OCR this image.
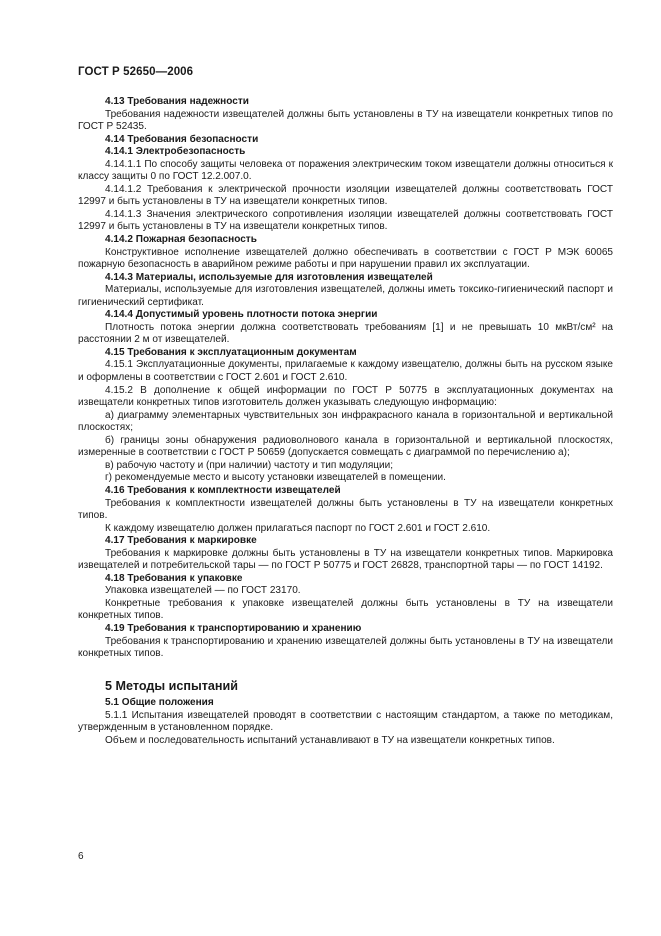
ГОСТ Р 52650—2006

4.13 Требования надежности

Требования надежности извещателей должны быть установлены в ТУ на извещатели конкретных типов по ГОСТ Р 52435.

4.14 Требования безопасности

4.14.1 Электробезопасность

4.14.1.1 По способу защиты человека от поражения электрическим током извещатели должны относиться к классу защиты 0 по ГОСТ 12.2.007.0.

4.14.1.2 Требования к электрической прочности изоляции извещателей должны соответствовать ГОСТ 12997 и быть установлены в ТУ на извещатели конкретных типов.

4.14.1.3 Значения электрического сопротивления изоляции извещателей должны соответствовать ГОСТ 12997 и быть установлены в ТУ на извещатели конкретных типов.

4.14.2 Пожарная безопасность

Конструктивное исполнение извещателей должно обеспечивать в соответствии с ГОСТ Р МЭК 60065 пожарную безопасность в аварийном режиме работы и при нарушении правил их эксплуатации.

4.14.3 Материалы, используемые для изготовления извещателей

Материалы, используемые для изготовления извещателей, должны иметь токсико-гигиенический паспорт и гигиенический сертификат.

4.14.4 Допустимый уровень плотности потока энергии

Плотность потока энергии должна соответствовать требованиям [1] и не превышать 10 мкВт/см² на расстоянии 2 м от извещателей.

4.15 Требования к эксплуатационным документам

4.15.1 Эксплуатационные документы, прилагаемые к каждому извещателю, должны быть на русском языке и оформлены в соответствии с ГОСТ 2.601 и ГОСТ 2.610.

4.15.2 В дополнение к общей информации по ГОСТ Р 50775 в эксплуатационных документах на извещатели конкретных типов изготовитель должен указывать следующую информацию:

а) диаграмму элементарных чувствительных зон инфракрасного канала в горизонтальной и вертикальной плоскостях;

б) границы зоны обнаружения радиоволнового канала в горизонтальной и вертикальной плоскостях, измеренные в соответствии с ГОСТ Р 50659 (допускается совмещать с диаграммой по перечислению а);

в) рабочую частоту и (при наличии) частоту и тип модуляции;

г) рекомендуемые место и высоту установки извещателей в помещении.

4.16 Требования к комплектности извещателей

Требования к комплектности извещателей должны быть установлены в ТУ на извещатели конкретных типов.

К каждому извещателю должен прилагаться паспорт по ГОСТ 2.601 и ГОСТ 2.610.

4.17 Требования к маркировке

Требования к маркировке должны быть установлены в ТУ на извещатели конкретных типов. Маркировка извещателей и потребительской тары — по ГОСТ Р 50775 и ГОСТ 26828, транспортной тары — по ГОСТ 14192.

4.18 Требования к упаковке

Упаковка извещателей — по ГОСТ 23170.

Конкретные требования к упаковке извещателей должны быть установлены в ТУ на извещатели конкретных типов.

4.19 Требования к транспортированию и хранению

Требования к транспортированию и хранению извещателей должны быть установлены в ТУ на извещатели конкретных типов.

5 Методы испытаний

5.1 Общие положения

5.1.1 Испытания извещателей проводят в соответствии с настоящим стандартом, а также по методикам, утвержденным в установленном порядке.

Объем и последовательность испытаний устанавливают в ТУ на извещатели конкретных типов.

6
